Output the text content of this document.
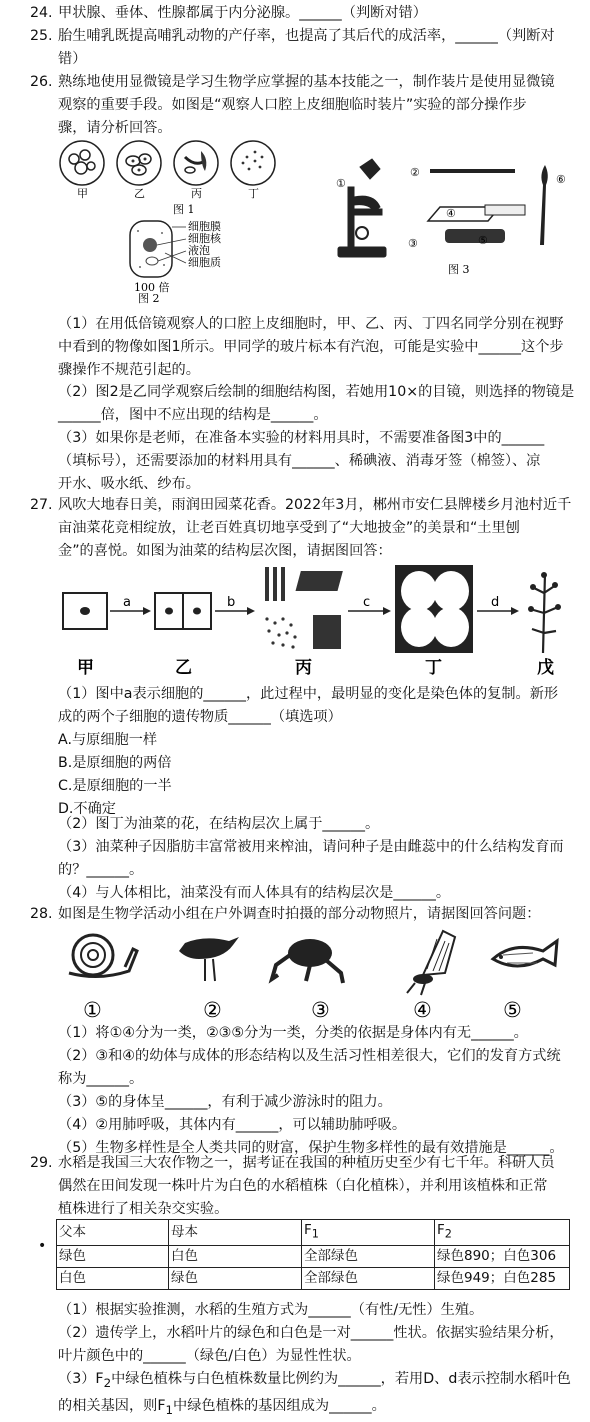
24. 甲状腺、垂体、性腺都属于内分泌腺。______（判断对错）
25. 胎生哺乳既提高哺乳动物的产仔率，也提高了其后代的成活率，______（判断对
错）
26. 熟练地使用显微镜是学习生物学应掌握的基本技能之一，制作装片是使用显微镜
观察的重要手段。如图是“观察人口腔上皮细胞临时装片”实验的部分操作步
骤，请分析回答。
甲	乙	丙	丁
图 1
细胞膜
细胞核
液泡
细胞质
100 倍
图 2
①
②
③
④
⑤
⑥
图 3
（1）在用低倍镜观察人的口腔上皮细胞时，甲、乙、丙、丁四名同学分别在视野
中看到的物像如图1所示。甲同学的玻片标本有汽泡，可能是实验中______这个步
骤操作不规范引起的。
（2）图2是乙同学观察后绘制的细胞结构图，若她用10×的目镜，则选择的物镜是
______倍，图中不应出现的结构是______。
（3）如果你是老师，在准备本实验的材料用具时，不需要准备图3中的______
（填标号），还需要添加的材料用具有______、稀碘液、消毒牙签（棉签）、凉
开水、吸水纸、纱布。
27. 风吹大地春日美，雨润田园菜花香。2022年3月，郴州市安仁县牌楼乡月池村近千
亩油菜花竞相绽放，让老百姓真切地享受到了“大地披金”的美景和“土里刨
金”的喜悦。如图为油菜的结构层次图，请据图回答：
a	b	c	d
甲	乙	丙	丁	戊
（1）图中a表示细胞的______，此过程中，最明显的变化是染色体的复制。新形
成的两个子细胞的遗传物质______（填选项）
A.与原细胞一样
B.是原细胞的两倍
C.是原细胞的一半
D.不确定
（2）图丁为油菜的花，在结构层次上属于______。
（3）油菜种子因脂肪丰富常被用来榨油，请问种子是由雌蕊中的什么结构发育而
的？______。
（4）与人体相比，油菜没有而人体具有的结构层次是______。
28. 如图是生物学活动小组在户外调查时拍摄的部分动物照片，请据图回答问题：
①	②	③	④	⑤
（1）将①④分为一类，②③⑤分为一类，分类的依据是身体内有无______。
（2）③和④的幼体与成体的形态结构以及生活习性相差很大，它们的发育方式统
称为______。
（3）⑤的身体呈______，有利于减少游泳时的阻力。
（4）②用肺呼吸，其体内有______，可以辅助肺呼吸。
（5）生物多样性是全人类共同的财富，保护生物多样性的最有效措施是______。
29. 水稻是我国三大农作物之一，据考证在我国的种植历史至少有七千年。科研人员
偶然在田间发现一株叶片为白色的水稻植株（白化植株），并利用该植株和正常
植株进行了相关杂交实验。
•
父本	母本	$F_1$	$F_2$
绿色	白色	全部绿色	绿色890；白色306
白色	绿色	全部绿色	绿色949；白色285
（1）根据实验推测，水稻的生殖方式为______（有性/无性）生殖。
（2）遗传学上，水稻叶片的绿色和白色是一对______性状。依据实验结果分析，
叶片颜色中的______（绿色/白色）为显性性状。
$(3)F_2$中绿色植株与白色植株数量比例约为______，若用D、d表示控制水稻叶色
的相关基因，则$F_1$中绿色植株的基因组成为______。
